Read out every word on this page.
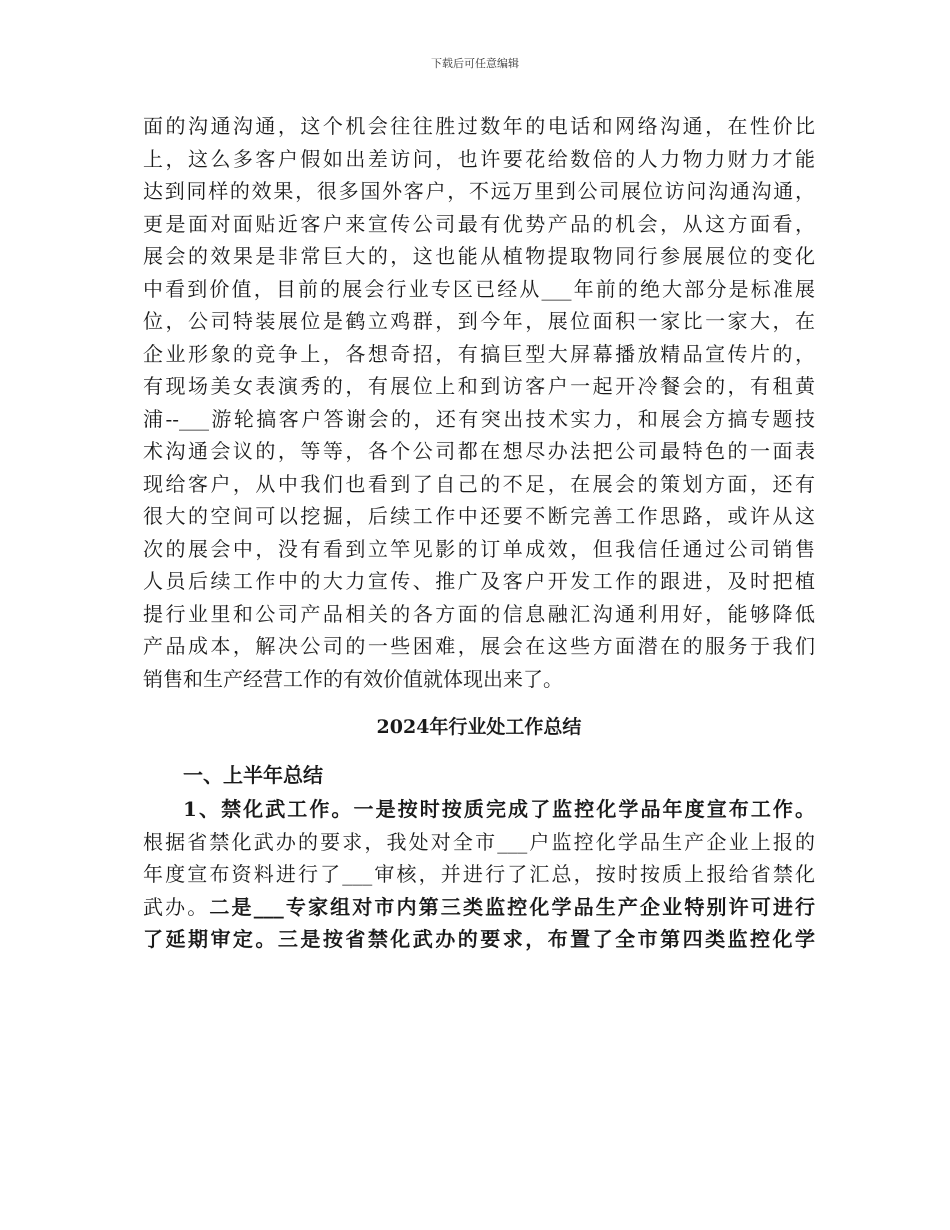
下载后可任意编辑
面的沟通沟通，这个机会往往胜过数年的电话和网络沟通，在性价比
上，这么多客户假如出差访问，也许要花给数倍的人力物力财力才能
达到同样的效果，很多国外客户，不远万里到公司展位访问沟通沟通，
更是面对面贴近客户来宣传公司最有优势产品的机会，从这方面看，
展会的效果是非常巨大的，这也能从植物提取物同行参展展位的变化
中看到价值，目前的展会行业专区已经从___年前的绝大部分是标准展
位，公司特装展位是鹤立鸡群，到今年，展位面积一家比一家大，在
企业形象的竞争上，各想奇招，有搞巨型大屏幕播放精品宣传片的，
有现场美女表演秀的，有展位上和到访客户一起开冷餐会的，有租黄
浦--___游轮搞客户答谢会的，还有突出技术实力，和展会方搞专题技
术沟通会议的，等等，各个公司都在想尽办法把公司最特色的一面表
现给客户，从中我们也看到了自己的不足，在展会的策划方面，还有
很大的空间可以挖掘，后续工作中还要不断完善工作思路，或许从这
次的展会中，没有看到立竿见影的订单成效，但我信任通过公司销售
人员后续工作中的大力宣传、推广及客户开发工作的跟进，及时把植
提行业里和公司产品相关的各方面的信息融汇沟通利用好，能够降低
产品成本，解决公司的一些困难，展会在这些方面潜在的服务于我们
销售和生产经营工作的有效价值就体现出来了。
2024年行业处工作总结
一、上半年总结
1、禁化武工作。一是按时按质完成了监控化学品年度宣布工作。
根据省禁化武办的要求，我处对全市___户监控化学品生产企业上报的
年度宣布资料进行了___审核，并进行了汇总，按时按质上报给省禁化
武办。二是___专家组对市内第三类监控化学品生产企业特别许可进行
了延期审定。三是按省禁化武办的要求，布置了全市第四类监控化学
